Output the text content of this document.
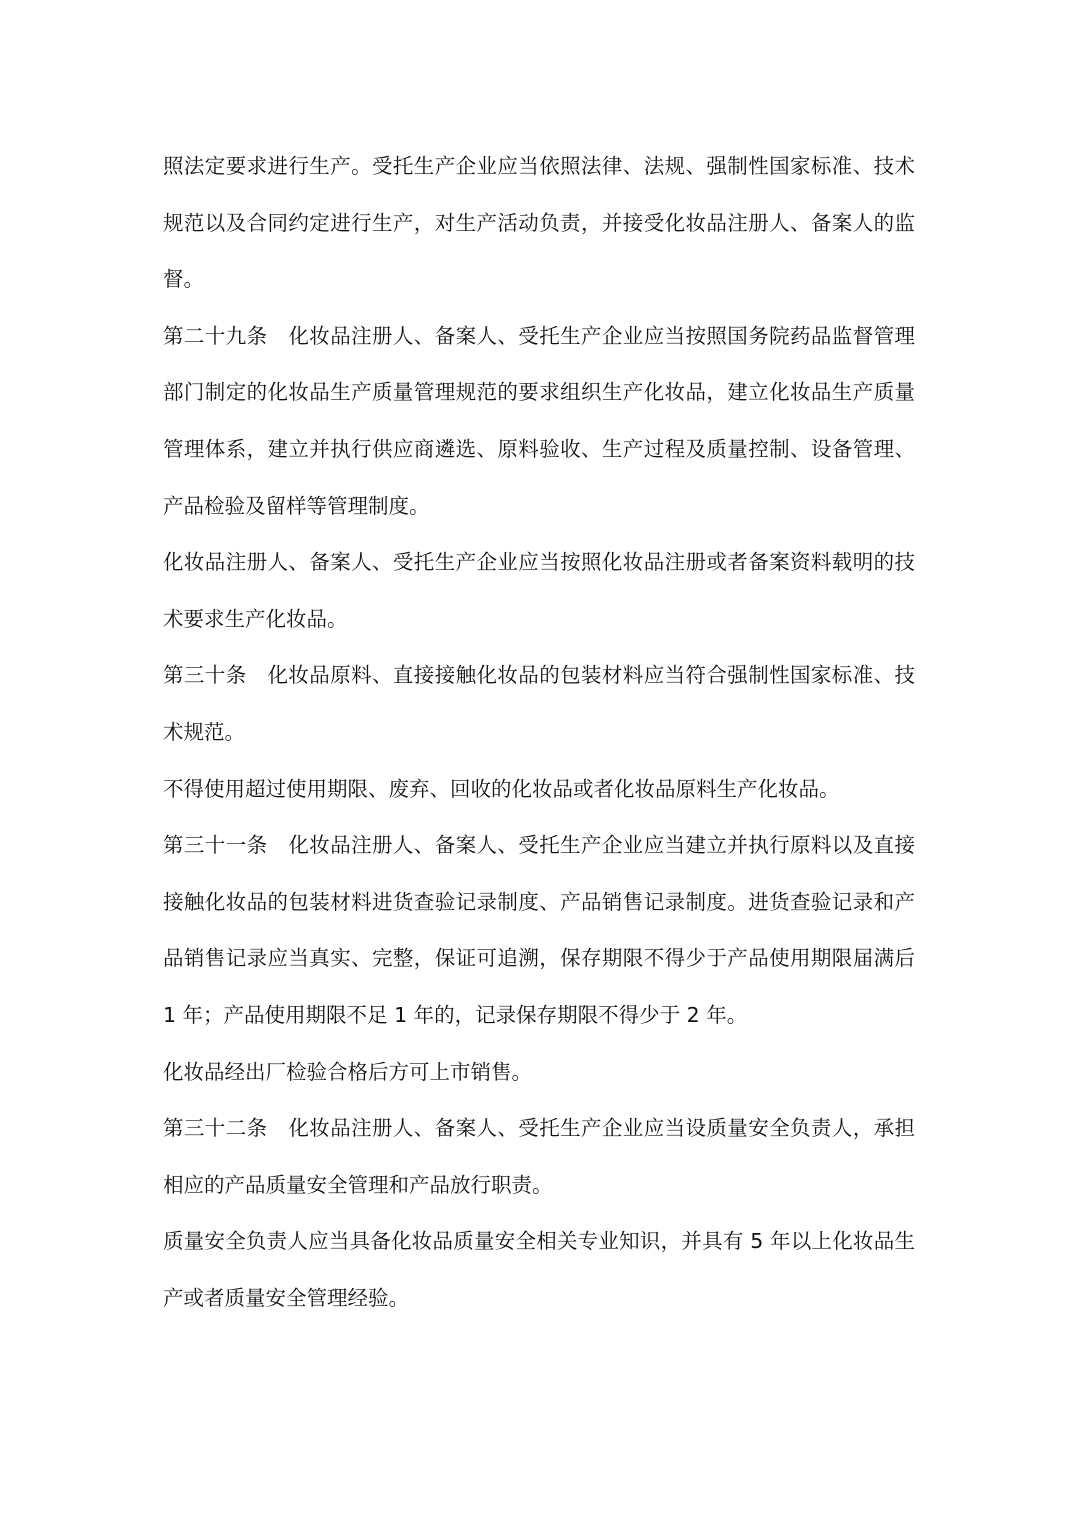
照法定要求进行生产。受托生产企业应当依照法律、法规、强制性国家标准、技术规范以及合同约定进行生产，对生产活动负责，并接受化妆品注册人、备案人的监督。

第二十九条　化妆品注册人、备案人、受托生产企业应当按照国务院药品监督管理部门制定的化妆品生产质量管理规范的要求组织生产化妆品，建立化妆品生产质量管理体系，建立并执行供应商遴选、原料验收、生产过程及质量控制、设备管理、产品检验及留样等管理制度。

化妆品注册人、备案人、受托生产企业应当按照化妆品注册或者备案资料载明的技术要求生产化妆品。

第三十条　化妆品原料、直接接触化妆品的包装材料应当符合强制性国家标准、技术规范。

不得使用超过使用期限、废弃、回收的化妆品或者化妆品原料生产化妆品。

第三十一条　化妆品注册人、备案人、受托生产企业应当建立并执行原料以及直接接触化妆品的包装材料进货查验记录制度、产品销售记录制度。进货查验记录和产品销售记录应当真实、完整，保证可追溯，保存期限不得少于产品使用期限届满后 1 年；产品使用期限不足 1 年的，记录保存期限不得少于 2 年。

化妆品经出厂检验合格后方可上市销售。

第三十二条　化妆品注册人、备案人、受托生产企业应当设质量安全负责人，承担相应的产品质量安全管理和产品放行职责。

质量安全负责人应当具备化妆品质量安全相关专业知识，并具有 5 年以上化妆品生产或者质量安全管理经验。
